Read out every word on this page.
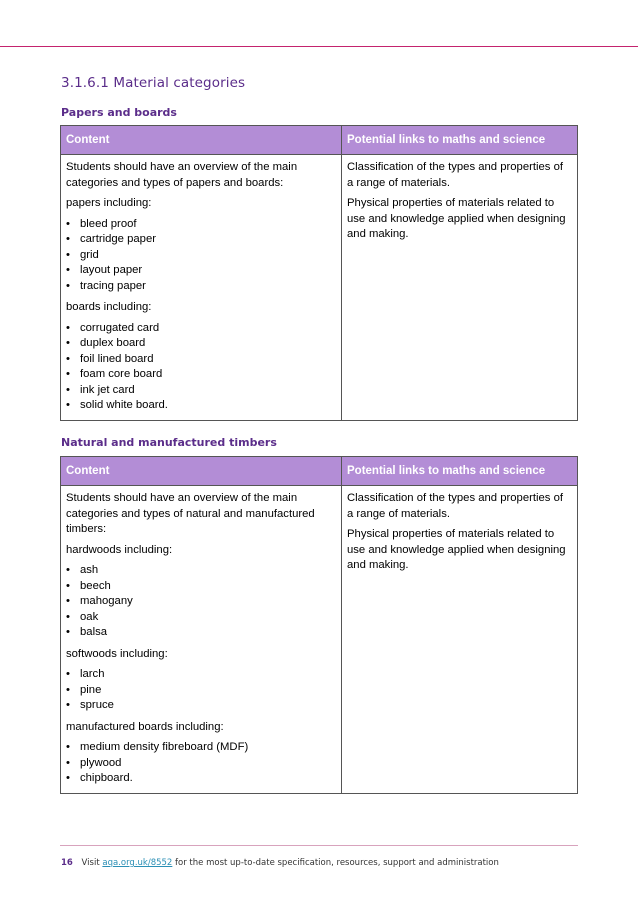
3.1.6.1 Material categories
Papers and boards
Content	Potential links to maths and science

Students should have an overview of the main categories and types of papers and boards:

papers including:

• bleed proof
• cartridge paper
• grid
• layout paper
• tracing paper

boards including:

• corrugated card
• duplex board
• foil lined board
• foam core board
• ink jet card
• solid white board.

Classification of the types and properties of a range of materials.

Physical properties of materials related to use and knowledge applied when designing and making.

Natural and manufactured timbers
Content	Potential links to maths and science

Students should have an overview of the main categories and types of natural and manufactured timbers:

hardwoods including:

• ash
• beech
• mahogany
• oak
• balsa

softwoods including:

• larch
• pine
• spruce

manufactured boards including:

• medium density fibreboard (MDF)
• plywood
• chipboard.

Classification of the types and properties of a range of materials.

Physical properties of materials related to use and knowledge applied when designing and making.

16 Visit aqa.org.uk/8552 for the most up-to-date specification, resources, support and administration
